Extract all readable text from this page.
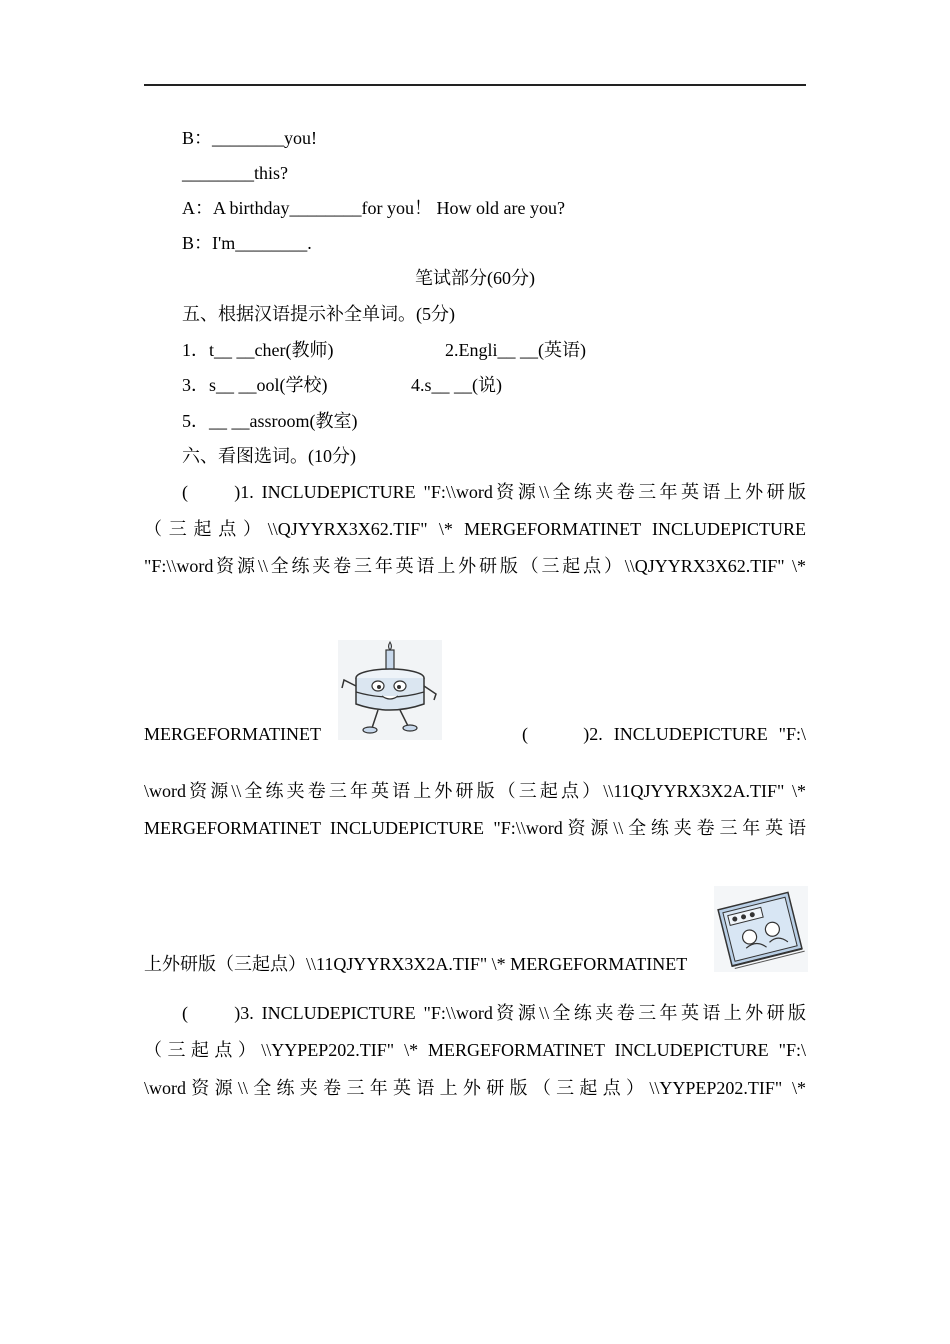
B：________you!
________this?
A：A birthday________for you！ How old are you?
B：I'm________.
笔试部分(60分)
五、根据汉语提示补全单词。(5分)
1．t__ __cher(教师)	2.Engli__ __(英语)
3．s__ __ool(学校)	4.s__ __(说)
5．__ __assroom(教室)
六、看图选词。(10分)
(　　)1. INCLUDEPICTURE "F:\\word资源\\全练夹卷三年英语上外研版
（三起点）\\QJYYRX3X62.TIF" \* MERGEFORMATINET INCLUDEPICTURE
"F:\\word资源\\全练夹卷三年英语上外研版（三起点）\\QJYYRX3X62.TIF" \*
MERGEFORMATINET	(　　)2. INCLUDEPICTURE "F:\
\word资源\\全练夹卷三年英语上外研版（三起点）\\11QJYYRX3X2A.TIF" \*
MERGEFORMATINET INCLUDEPICTURE "F:\\word资源\\全练夹卷三年英语
上外研版（三起点）\\11QJYYRX3X2A.TIF" \* MERGEFORMATINET
(　　)3. INCLUDEPICTURE "F:\\word资源\\全练夹卷三年英语上外研版
（三起点）\\YYPEP202.TIF" \* MERGEFORMATINET INCLUDEPICTURE "F:\
\word资源\\全练夹卷三年英语上外研版（三起点）\\YYPEP202.TIF" \*
